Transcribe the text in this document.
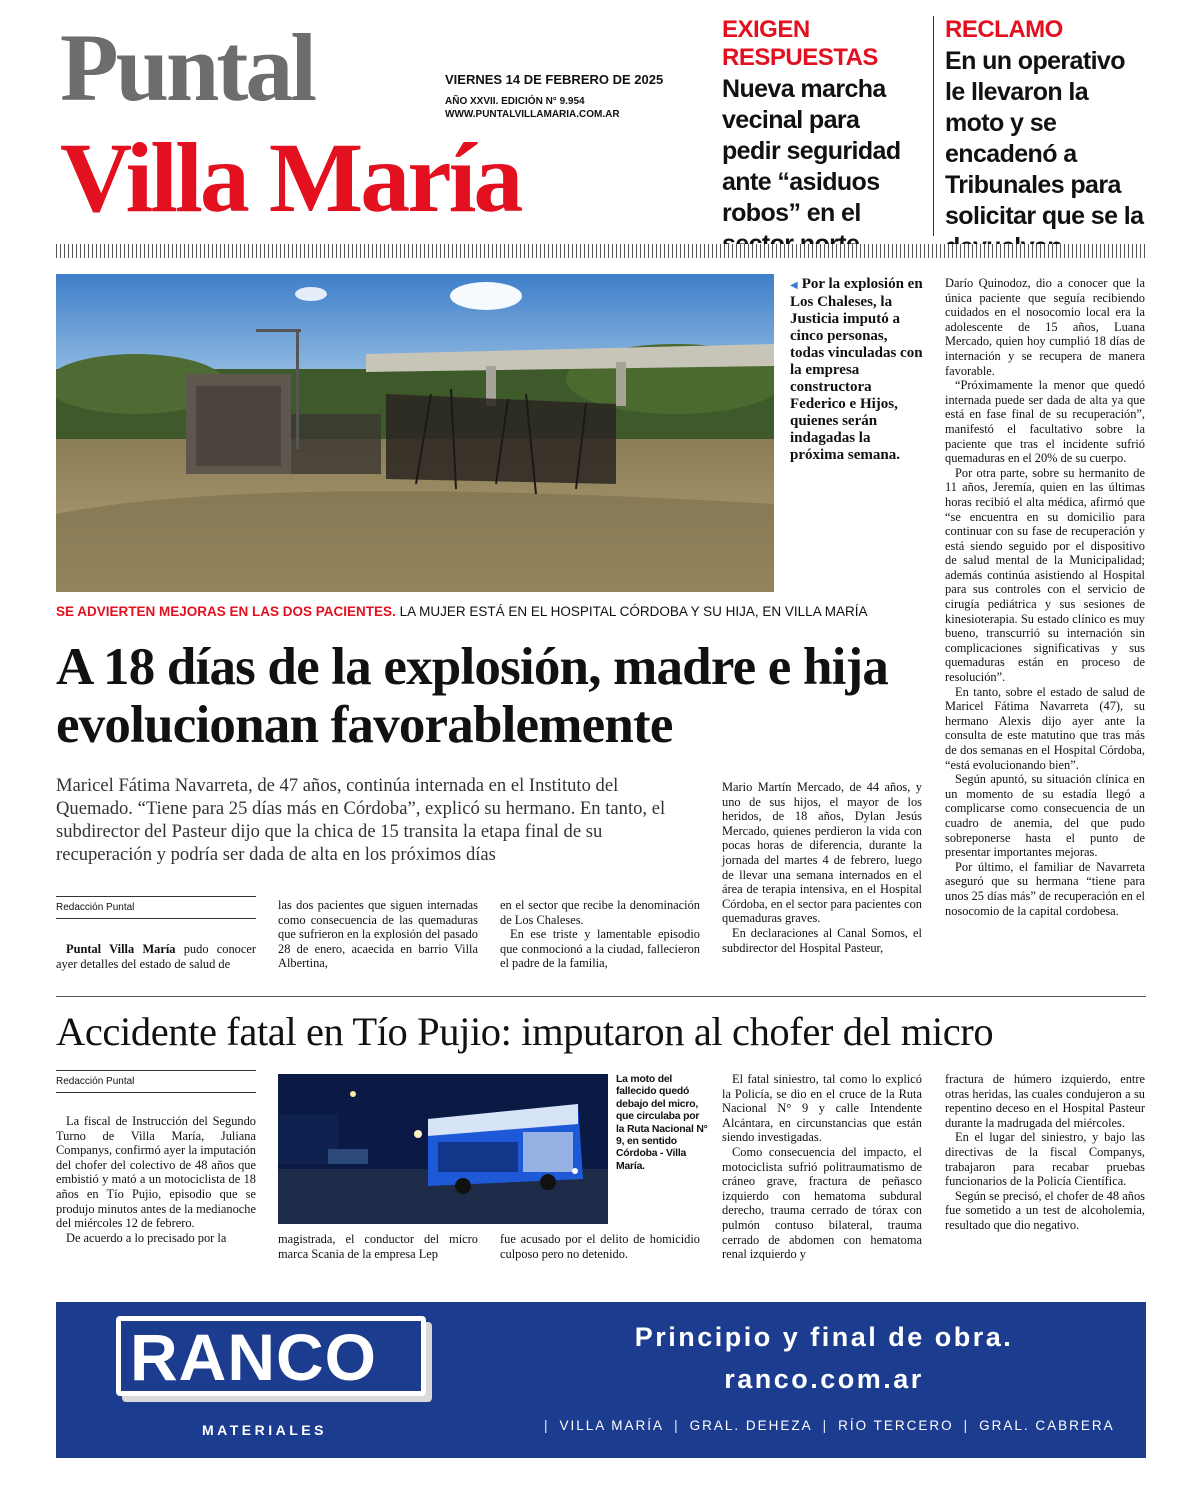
Puntal
Villa María
VIERNES 14 DE FEBRERO DE 2025
AÑO XXVII. EDICIÓN N° 9.954
WWW.PUNTALVILLAMARIA.COM.AR
EXIGEN RESPUESTAS
Nueva marcha vecinal para pedir seguridad ante “asiduos robos” en el
RECLAMO
En un operativo le llevaron la moto y se encadenó a Tribunales para solicitar que se la
◀ Por la explosión en Los Chaleses, la Justicia imputó a cinco personas, todas vinculadas con la empresa constructora Federico e Hijos, quienes serán indagadas la próxima semana.

Darío Quinodoz, dio a conocer que la única paciente que seguía recibiendo cuidados en el nosocomio local era la adolescente de 15 años, Luana Mercado, quien hoy cumplió 18 días de internación y se recupera de manera favorable.

“Próximamente la menor que quedó internada puede ser dada de alta ya que está en fase final de su recuperación”, manifestó el facultativo sobre la paciente que tras el incidente sufrió quemaduras en el 20% de su cuerpo.

Por otra parte, sobre su hermanito de 11 años, Jeremía, quien en las últimas horas recibió el alta médica, afirmó que “se encuentra en su domicilio para continuar con su fase de recuperación y está siendo seguido por el dispositivo de salud mental de la Municipalidad; además continúa asistiendo al Hospital para sus controles con el servicio de cirugía pediátrica y sus sesiones de kinesioterapia. Su estado clínico es muy bueno, transcurrió su internación sin complicaciones significativas y sus quemaduras están en proceso de resolución”.

En tanto, sobre el estado de salud de Maricel Fátima Navarreta (47), su hermano Alexis dijo ayer ante la consulta de este matutino que tras más de dos semanas en el Hospital Córdoba, “está evolucionando bien”.

Según apuntó, su situación clínica en un momento de su estadía llegó a complicarse como consecuencia de un cuadro de anemia, del que pudo sobreponerse hasta el punto de presentar importantes mejoras.

Por último, el familiar de Navarreta aseguró que su hermana “tiene para unos 25 días más” de recuperación en el nosocomio de la capital cordobesa.

SE ADVIERTEN MEJORAS EN LAS DOS PACIENTES. LA MUJER ESTÁ EN EL HOSPITAL CÓRDOBA Y SU HIJA, EN VILLA MARÍA
A 18 días de la explosión, madre e hija evolucionan favorablemente
Maricel Fátima Navarreta, de 47 años, continúa internada en el Instituto del Quemado. “Tiene para 25 días más en Córdoba”, explicó su hermano. En tanto, el subdirector del Pasteur dijo que la chica de 15 transita la etapa final de su recuperación y podría ser dada de alta en los próximos días
Redacción Puntal

Puntal Villa María pudo conocer ayer detalles del estado de salud de

las dos pacientes que siguen internadas como consecuencia de las quemaduras que sufrieron en la explosión del pasado 28 de enero, acaecida en barrio Villa Albertina,

en el sector que recibe la denominación de Los Chaleses.

En ese triste y lamentable episodio que conmocionó a la ciudad, fallecieron el padre de la familia,

Mario Martín Mercado, de 44 años, y uno de sus hijos, el mayor de los heridos, de 18 años, Dylan Jesús Mercado, quienes perdieron la vida con pocas horas de diferencia, durante la jornada del martes 4 de febrero, luego de llevar una semana internados en el área de terapia intensiva, en el Hospital Córdoba, en el sector para pacientes con quemaduras graves.

En declaraciones al Canal Somos, el subdirector del Hospital Pasteur,

Accidente fatal en Tío Pujio: imputaron al chofer del micro
Redacción Puntal

La fiscal de Instrucción del Segundo Turno de Villa María, Juliana Companys, confirmó ayer la imputación del chofer del colectivo de 48 años que embistió y mató a un motociclista de 18 años en Tío Pujio, episodio que se produjo minutos antes de la medianoche del miércoles 12 de febrero.

De acuerdo a lo precisado por la

La moto del fallecido quedó debajo del micro, que circulaba por la Ruta Nacional N° 9, en sentido Córdoba - Villa María.

magistrada, el conductor del micro marca Scania de la empresa Lep

fue acusado por el delito de homicidio culposo pero no detenido.

El fatal siniestro, tal como lo explicó la Policía, se dio en el cruce de la Ruta Nacional N° 9 y calle Intendente Alcántara, en circunstancias que están siendo investigadas.

Como consecuencia del impacto, el motociclista sufrió politraumatismo de cráneo grave, fractura de peñasco izquierdo con hematoma subdural derecho, trauma cerrado de tórax con pulmón contuso bilateral, trauma cerrado de abdomen con hematoma renal izquierdo y

fractura de húmero izquierdo, entre otras heridas, las cuales condujeron a su repentino deceso en el Hospital Pasteur durante la madrugada del miércoles.

En el lugar del siniestro, y bajo las directivas de la fiscal Companys, trabajaron para recabar pruebas funcionarios de la Policía Científica.

Según se precisó, el chofer de 48 años fue sometido a un test de alcoholemia, resultado que dio negativo.

RANCO
MATERIALES
Principio y final de obra.
ranco.com.ar
| VILLA MARÍA | GRAL. DEHEZA | RÍO TERCERO | GRAL. CABRERA
